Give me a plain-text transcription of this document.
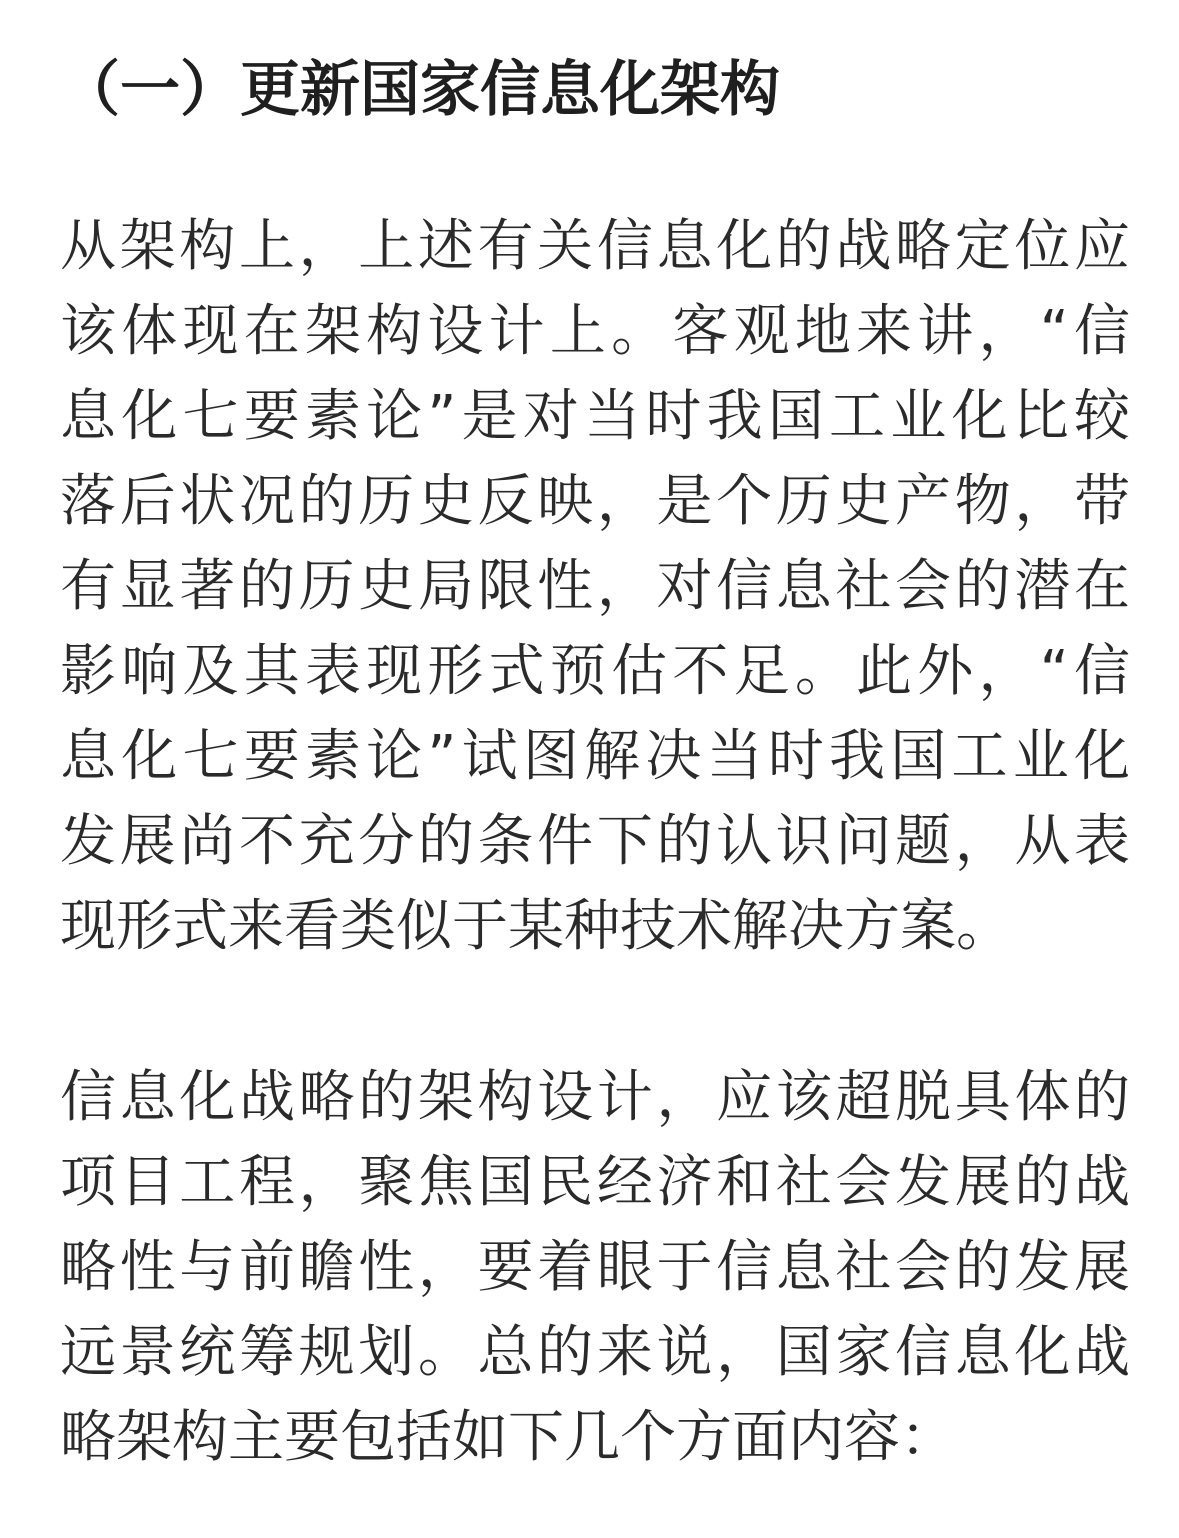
（一）更新国家信息化架构
从架构上，上述有关信息化的战略定位应
该体现在架构设计上。客观地来讲，“信
息化七要素论”是对当时我国工业化比较
落后状况的历史反映，是个历史产物，带
有显著的历史局限性，对信息社会的潜在
影响及其表现形式预估不足。此外，“信
息化七要素论”试图解决当时我国工业化
发展尚不充分的条件下的认识问题，从表
现形式来看类似于某种技术解决方案。
信息化战略的架构设计，应该超脱具体的
项目工程，聚焦国民经济和社会发展的战
略性与前瞻性，要着眼于信息社会的发展
远景统筹规划。总的来说，国家信息化战
略架构主要包括如下几个方面内容：
